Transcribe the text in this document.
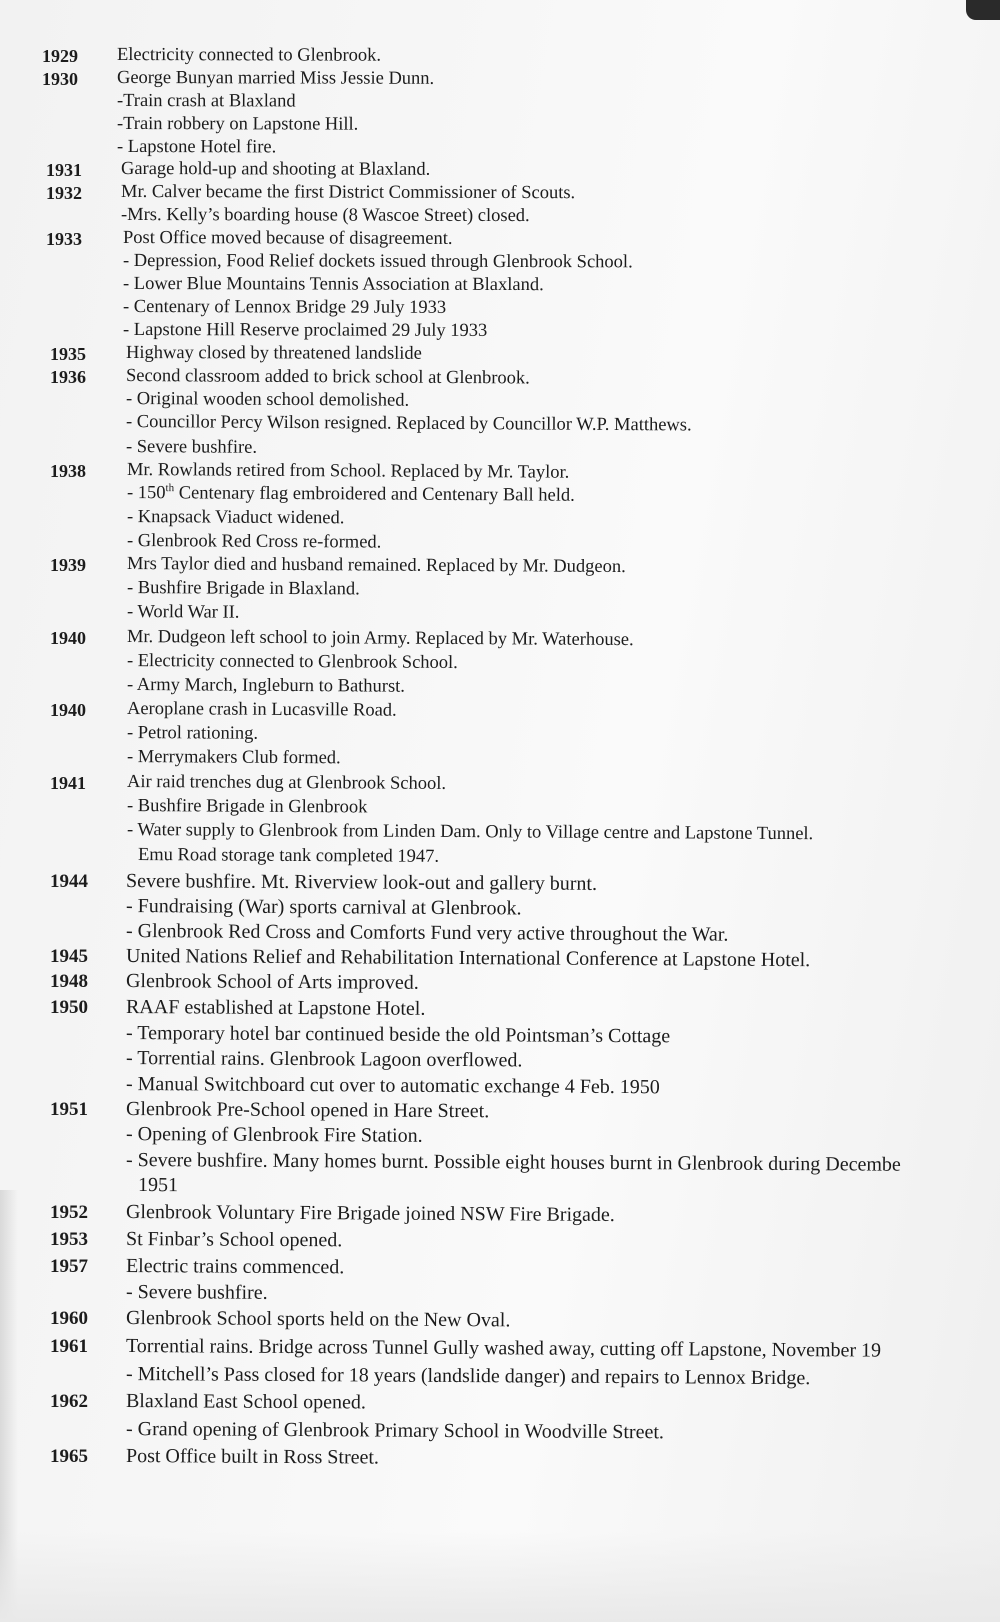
1929 Electricity connected to Glenbrook.
1930 George Bunyan married Miss Jessie Dunn.
-Train crash at Blaxland
-Train robbery on Lapstone Hill.
- Lapstone Hotel fire.
1931 Garage hold-up and shooting at Blaxland.
1932 Mr. Calver became the first District Commissioner of Scouts.
-Mrs. Kelly’s boarding house (8 Wascoe Street) closed.
1933 Post Office moved because of disagreement.
- Depression, Food Relief dockets issued through Glenbrook School.
- Lower Blue Mountains Tennis Association at Blaxland.
- Centenary of Lennox Bridge 29 July 1933
- Lapstone Hill Reserve proclaimed 29 July 1933
1935 Highway closed by threatened landslide
1936 Second classroom added to brick school at Glenbrook.
- Original wooden school demolished.
- Councillor Percy Wilson resigned. Replaced by Councillor W.P. Matthews.
- Severe bushfire.
1938 Mr. Rowlands retired from School. Replaced by Mr. Taylor.
- 150th Centenary flag embroidered and Centenary Ball held.
- Knapsack Viaduct widened.
- Glenbrook Red Cross re-formed.
1939 Mrs Taylor died and husband remained. Replaced by Mr. Dudgeon.
- Bushfire Brigade in Blaxland.
- World War II.
1940 Mr. Dudgeon left school to join Army. Replaced by Mr. Waterhouse.
- Electricity connected to Glenbrook School.
- Army March, Ingleburn to Bathurst.
1940 Aeroplane crash in Lucasville Road.
- Petrol rationing.
- Merrymakers Club formed.
1941 Air raid trenches dug at Glenbrook School.
- Bushfire Brigade in Glenbrook
- Water supply to Glenbrook from Linden Dam. Only to Village centre and Lapstone Tunnel.
Emu Road storage tank completed 1947.
1944 Severe bushfire. Mt. Riverview look-out and gallery burnt.
- Fundraising (War) sports carnival at Glenbrook.
- Glenbrook Red Cross and Comforts Fund very active throughout the War.
1945 United Nations Relief and Rehabilitation International Conference at Lapstone Hotel.
1948 Glenbrook School of Arts improved.
1950 RAAF established at Lapstone Hotel.
- Temporary hotel bar continued beside the old Pointsman’s Cottage
- Torrential rains. Glenbrook Lagoon overflowed.
- Manual Switchboard cut over to automatic exchange 4 Feb. 1950
1951 Glenbrook Pre-School opened in Hare Street.
- Opening of Glenbrook Fire Station.
- Severe bushfire. Many homes burnt. Possible eight houses burnt in Glenbrook during Decembe
1951
1952 Glenbrook Voluntary Fire Brigade joined NSW Fire Brigade.
1953 St Finbar’s School opened.
1957 Electric trains commenced.
- Severe bushfire.
1960 Glenbrook School sports held on the New Oval.
1961 Torrential rains. Bridge across Tunnel Gully washed away, cutting off Lapstone, November 19
- Mitchell’s Pass closed for 18 years (landslide danger) and repairs to Lennox Bridge.
1962 Blaxland East School opened.
- Grand opening of Glenbrook Primary School in Woodville Street.
1965 Post Office built in Ross Street.
